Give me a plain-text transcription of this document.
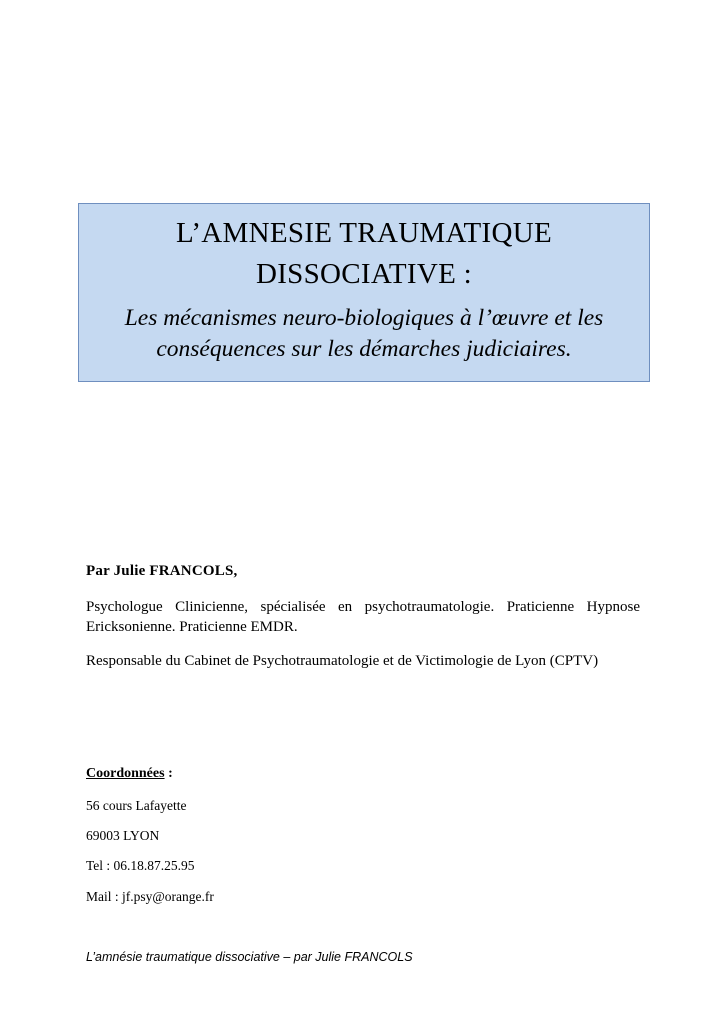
L’AMNESIE TRAUMATIQUE
DISSOCIATIVE :
Les mécanismes neuro-biologiques à l’œuvre et les conséquences sur les démarches judiciaires.
Par Julie FRANCOLS,
Psychologue Clinicienne, spécialisée en psychotraumatologie. Praticienne Hypnose Ericksonienne. Praticienne EMDR.
Responsable du Cabinet de Psychotraumatologie et de Victimologie de Lyon (CPTV)
Coordonnées :
56 cours Lafayette
69003 LYON
Tel : 06.18.87.25.95
Mail : jf.psy@orange.fr
L’amnésie traumatique dissociative – par Julie FRANCOLS
